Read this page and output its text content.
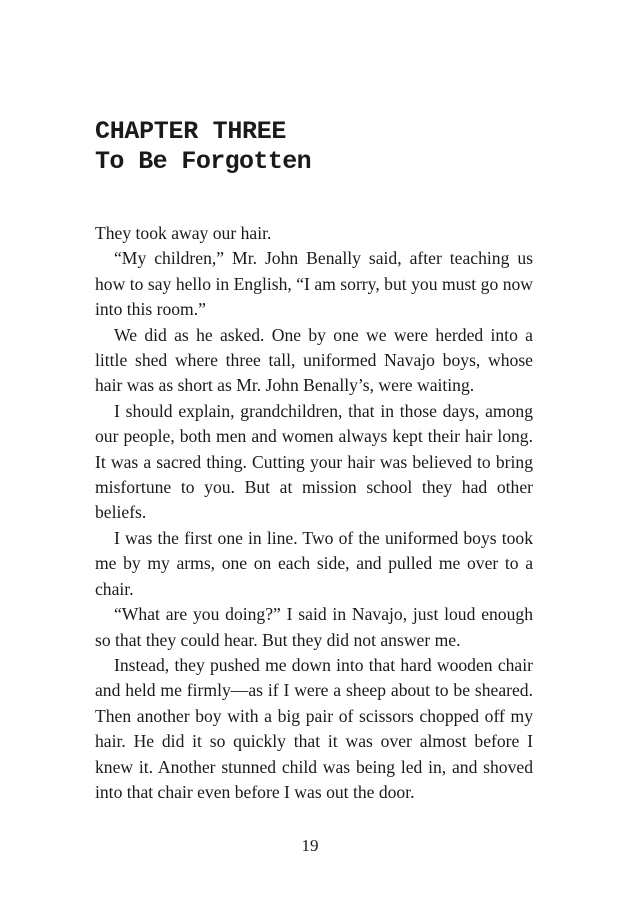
CHAPTER THREE
To Be Forgotten

They took away our hair.

“My children,” Mr. John Benally said, after teaching us how to say hello in English, “I am sorry, but you must go now into this room.”

We did as he asked. One by one we were herded into a little shed where three tall, uniformed Navajo boys, whose hair was as short as Mr. John Benally’s, were waiting.

I should explain, grandchildren, that in those days, among our people, both men and women always kept their hair long. It was a sacred thing. Cutting your hair was believed to bring misfortune to you. But at mission school they had other beliefs.

I was the first one in line. Two of the uniformed boys took me by my arms, one on each side, and pulled me over to a chair.

“What are you doing?” I said in Navajo, just loud enough so that they could hear. But they did not answer me.

Instead, they pushed me down into that hard wooden chair and held me firmly—as if I were a sheep about to be sheared. Then another boy with a big pair of scissors chopped off my hair. He did it so quickly that it was over almost before I knew it. Another stunned child was being led in, and shoved into that chair even before I was out the door.

19
